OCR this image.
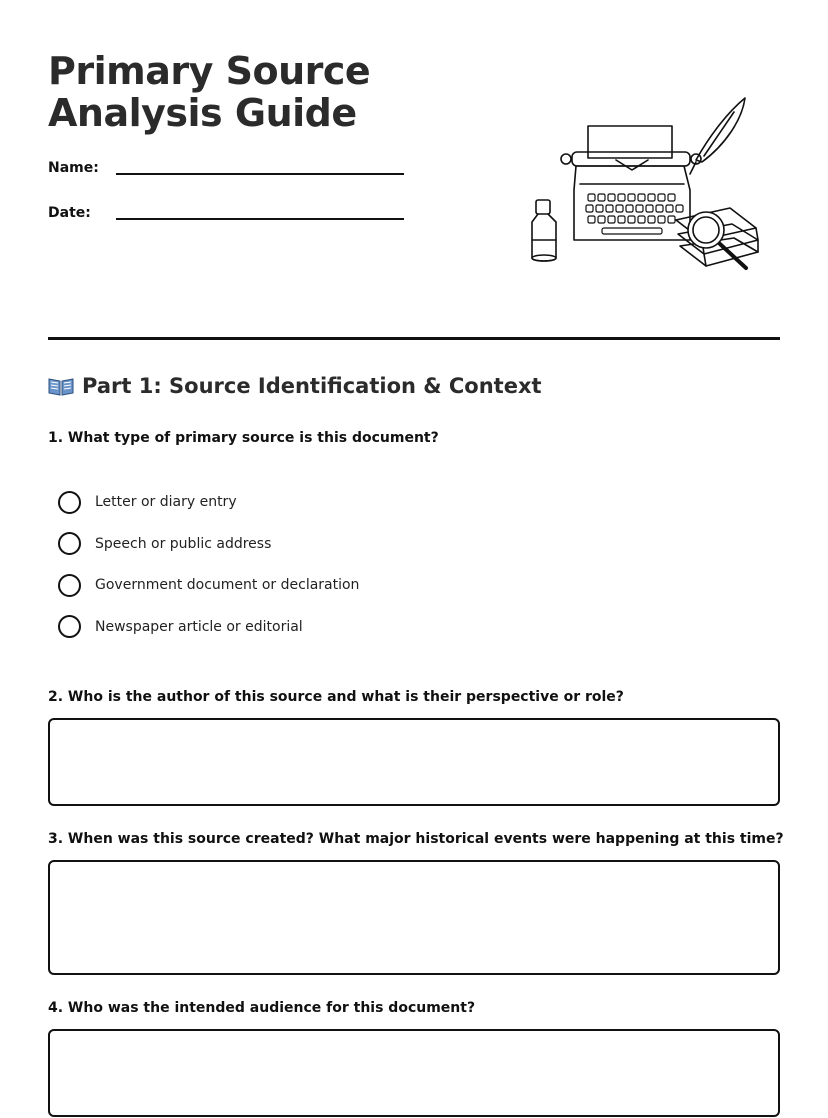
Primary Source Analysis Guide
Name:
Date:
Part 1: Source Identification & Context
1. What type of primary source is this document?
Letter or diary entry
Speech or public address
Government document or declaration
Newspaper article or editorial
2. Who is the author of this source and what is their perspective or role?
3. When was this source created? What major historical events were happening at this time?
4. Who was the intended audience for this document?
